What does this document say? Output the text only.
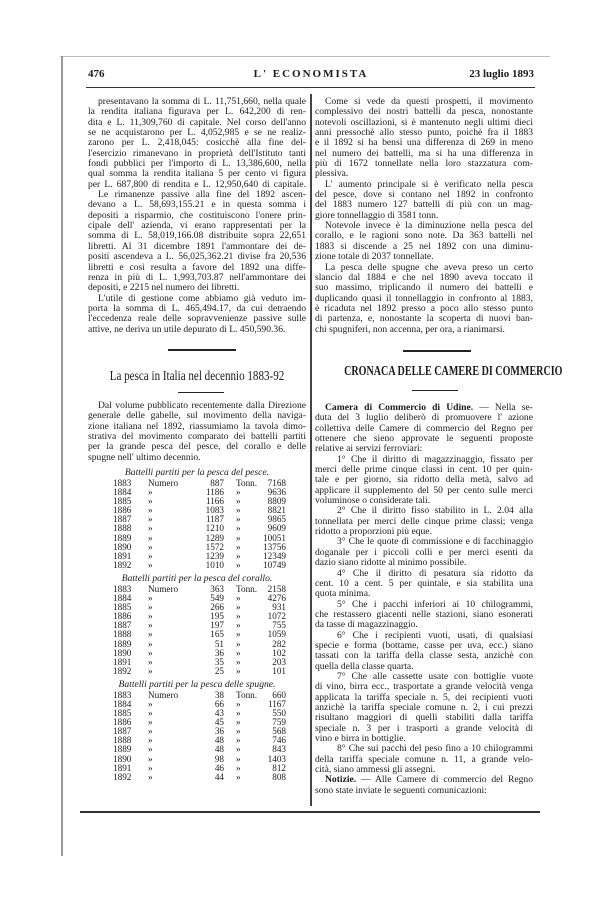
476	L' ECONOMISTA	23 luglio 1893
presentavano la somma di L. 11,751,660, nella quale
la rendita italiana figurava per L. 642,200 di ren-
dita e L. 11,309,760 di capitale. Nel corso dell'anno
se ne acquistarono per L. 4,052,985 e se ne realiz-
zarono per L. 2,418,045: cosicchè alla fine del-
l'esercizio rimanevano in proprietà dell'Istituto tanti
fondi pubblici per l'importo di L. 13,386,600, nella
qual somma la rendita italiana 5 per cento vi figura
per L. 687,800 di rendita e L. 12,950,640 di capitale.
Le rimanenze passive alla fine del 1892 ascen-
devano a L. 58,693,155.21 e in questa somma i
depositi a risparmio, che costituiscono l'onere prin-
cipale dell' azienda, vi erano rappresentati per la
somma di L. 58,019,166.08 distribuite sopra 22,651
libretti. Al 31 dicembre 1891 l'ammontare dei de-
positi ascendeva a L. 56,025,362.21 divise fra 20,536
libretti e così resulta a favore del 1892 una diffe-
renza in più di L. 1,993,703.87 nell'ammontare dei
depositi, e 2215 nel numero dei libretti.
L'utile di gestione come abbiamo già veduto im-
porta la somma di L. 465,494.17, da cui detraendo
l'eccedenza reale delle sopravvenienze passive sulle
attive, ne deriva un utile depurato di L. 450,590.36.
La pesca in Italia nel decennio 1883-92
Dal volume pubblicato recentemente dalla Direzione
generale delle gabelle, sul movimento della naviga-
zione italiana nel 1892, riassumiamo la tavola dimo-
strativa del movimento comparato dei battelli partiti
per la grande pesca del pesce, del corallo e delle
spugne nell' ultimo decennio.
Battelli partiti per la pesca del pesce.
1883 Numero	887 Tonn. 7168
1884 »	1186 »	9636
1885 »	1166 »	8809
1886 »	1083 »	8821
1887 »	1187 »	9865
1888 »	1210 »	9609
1889 »	1289 » 10051
1890 »	1572 » 13756
1891 »	1239 » 12349
1892 »	1010 » 10749
Battelli partiti per la pesca del corallo.
1883 Numero	363 Tonn. 2158
1884 »	549 »	4276
1885 »	266 »	931
1886 »	195 »	1072
1887 »	197 »	755
1888 »	165 »	1059
1889 »	51 »	282
1890 »	36 »	102
1891 »	35 »	203
1892 »	25 »	101
Battelli partiti per la pesca delle spugne.
1883 Numero	38 Tonn. 660
1884 »	66 »	1167
1885 »	43 »	550
1886 »	45 »	759
1887 »	36 »	568
1888 »	48 »	746
1889 »	48 »	843
1890 »	98 »	1403
1891 »	46 »	812
1892 »	44 »	808
Come si vede da questi prospetti, il movimento
complessivo dei nostri battelli da pesca, nonostante
notevoli oscillazioni, si è mantenuto negli ultimi dieci
anni pressochè allo stesso punto, poichè fra il 1883
e il 1892 si ha bensì una differenza di 269 in meno
nel numero dei battelli, ma si ha una differenza in
più di 1672 tonnellate nella loro stazzatura com-
plessiva.
L' aumento principale si è verificato nella pesca
del pesce, dove si contano nel 1892 in confronto
del 1883 numero 127 battelli di più con un mag-
giore tonnellaggio di 3581 tonn.
Notevole invece è la diminuzione nella pesca del
corallo, e le ragioni sono note. Da 363 battelli nel
1883 si discende a 25 nel 1892 con una diminu-
zione totale di 2037 tonnellate.
La pesca delle spugne che aveva preso un certo
slancio dal 1884 e che nel 1890 aveva toccato il
suo massimo, triplicando il numero dei battelli e
duplicando quasi il tonnellaggio in confronto al 1883,
è ricaduta nel 1892 presso a poco allo stesso punto
di partenza, e, nonostante la scoperta di nuovi ban-
chi spugniferi, non accenna, per ora, a rianimarsi.
CRONACA DELLE CAMERE DI COMMERCIO
Camera di Commercio di Udine. — Nella se-
duta del 3 luglio deliberò di promuovere l' azione
collettiva delle Camere di commercio del Regno per
ottenere che sieno approvate le seguenti proposte
relative ai servizi ferroviari:
1° Che il diritto di magazzinaggio, fissato per
merci delle prime cinque classi in cent. 10 per quin-
tale e per giorno, sia ridotto della metà, salvo ad
applicare il supplemento del 50 per cento sulle merci
voluminose o considerate tali.
2° Che il diritto fisso stabilito in L. 2.04 alla
tonnellata per merci delle cinque prime classi; venga
ridotto a proporzioni più eque.
3° Che le quote di commissione e di facchinaggio
doganale per i piccoli colli e per merci esenti da
dazio siano ridotte al minimo possibile.
4° Che il diritto di pesatura sia ridotto da
cent. 10 a cent. 5 per quintale, e sia stabilita una
quota minima.
5° Che i pacchi inferiori ai 10 chilogrammi,
che restassero giacenti nelle stazioni, siano esonerati
da tasse di magazzinaggio.
6° Che i recipienti vuoti, usati, di qualsiasi
specie e forma (bottame, casse per uva, ecc.) siano
tassati con la tariffa della classe sesta, anzichè con
quella della classe quarta.
7° Che alle cassette usate con bottiglie vuote
di vino, birra ecc., trasportate a grande velocità venga
applicata la tariffa speciale n. 5, dei recipienti vuoti
anzichè la tariffa speciale comune n. 2, i cui prezzi
risultano maggiori di quelli stabiliti dalla tariffa
speciale n. 3 per i trasporti a grande velocità di
vino e birra in bottiglie.
8° Che sui pacchi del peso fino a 10 chilogrammi
della tariffa speciale comune n. 11, a grande velo-
cità, siano ammessi gli assegni.
Notizie. — Alle Camere di commercio del Regno
sono state inviate le seguenti comunicazioni:
